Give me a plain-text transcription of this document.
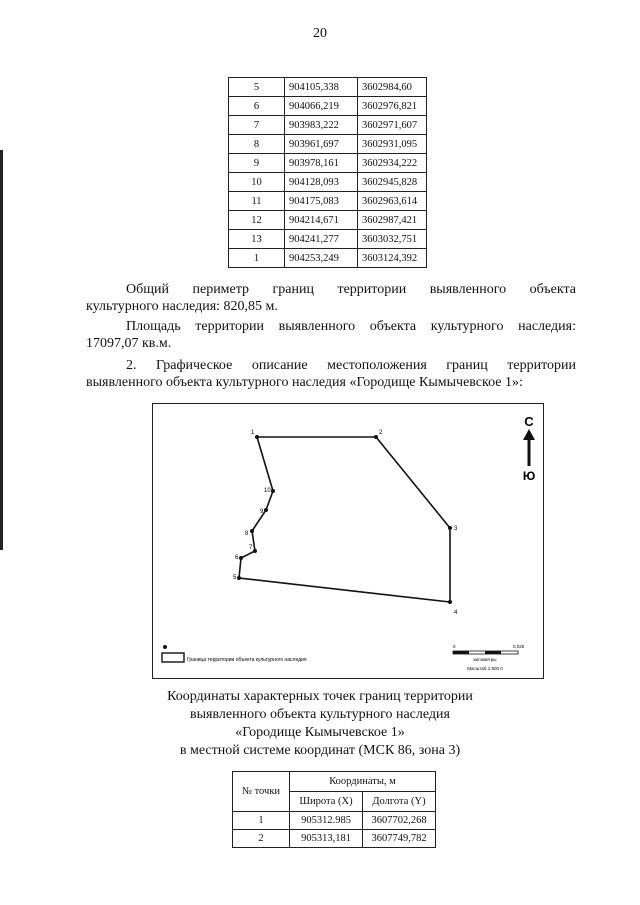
20
5	904105,338	3602984,60
6	904066,219	3602976,821
7	903983,222	3602971,607
8	903961,697	3602931,095
9	903978,161	3602934,222
10	904128,093	3602945,828
11	904175,083	3602963,614
12	904214,671	3602987,421
13	904241,277	3603032,751
1	904253,249	3603124,392
Общий периметр границ территории выявленного объекта
культурного наследия: 820,85 м.
Площадь территории выявленного объекта культурного наследия:
17097,07 кв.м.
2. Графическое описание местоположения границ территории
выявленного объекта культурного наследия «Городище Кымычевское 1»:
1	2
3
4
5
6
7
8
9
10
С
Ю
Граница территории объекта культурного наследия
0	0,025
километры
Масштаб 1:900 0
Координаты характерных точек границ территории
выявленного объекта культурного наследия
«Городище Кымычевское 1»
в местной системе координат (МСК 86, зона 3)
№ точки	Координаты, м	
	Широта (X)	Долгота (Y)
1	905312.985	3607702,268
2	905313,181	3607749,782
